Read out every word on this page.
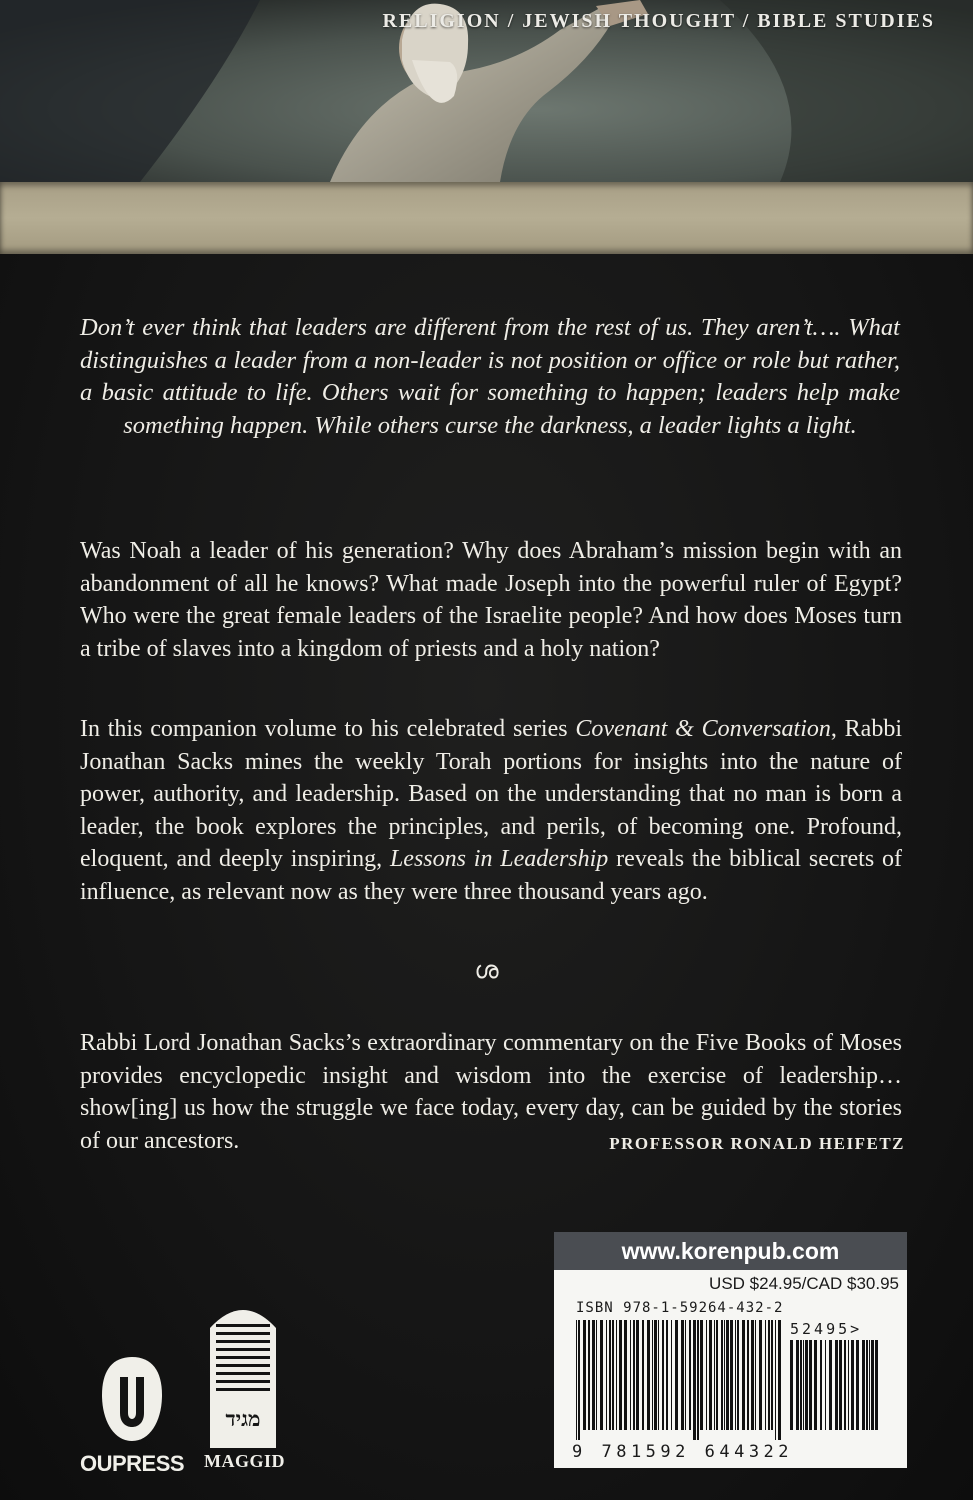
RELIGION / JEWISH THOUGHT / BIBLE STUDIES
Don’t ever think that leaders are different from the rest of us. They aren’t…. What distinguishes a leader from a non-leader is not position or office or role but rather, a basic attitude to life. Others wait for something to happen; leaders help make something happen. While others curse the darkness, a leader lights a light.
Was Noah a leader of his generation? Why does Abraham’s mission begin with an abandonment of all he knows? What made Joseph into the powerful ruler of Egypt? Who were the great female leaders of the Israelite people? And how does Moses turn a tribe of slaves into a kingdom of priests and a holy nation?
In this companion volume to his celebrated series Covenant & Conversation, Rabbi Jonathan Sacks mines the weekly Torah portions for insights into the nature of power, authority, and leadership. Based on the understanding that no man is born a leader, the book explores the principles, and perils, of becoming one. Profound, eloquent, and deeply inspiring, Lessons in Leadership reveals the biblical secrets of influence, as relevant now as they were three thousand years ago.
ശ
Rabbi Lord Jonathan Sacks’s extraordinary commentary on the Five Books of Moses provides encyclopedic insight and wisdom into the exercise of leadership…show[ing] us how the struggle we face today, every day, can be guided by the stories of our ancestors.	PROFESSOR RONALD HEIFETZ
www.korenpub.com
USD $24.95/CAD $30.95
ISBN 978-1-59264-432-2
52495>
9 781592 644322
OUPRESS
מגיד
MAGGID
